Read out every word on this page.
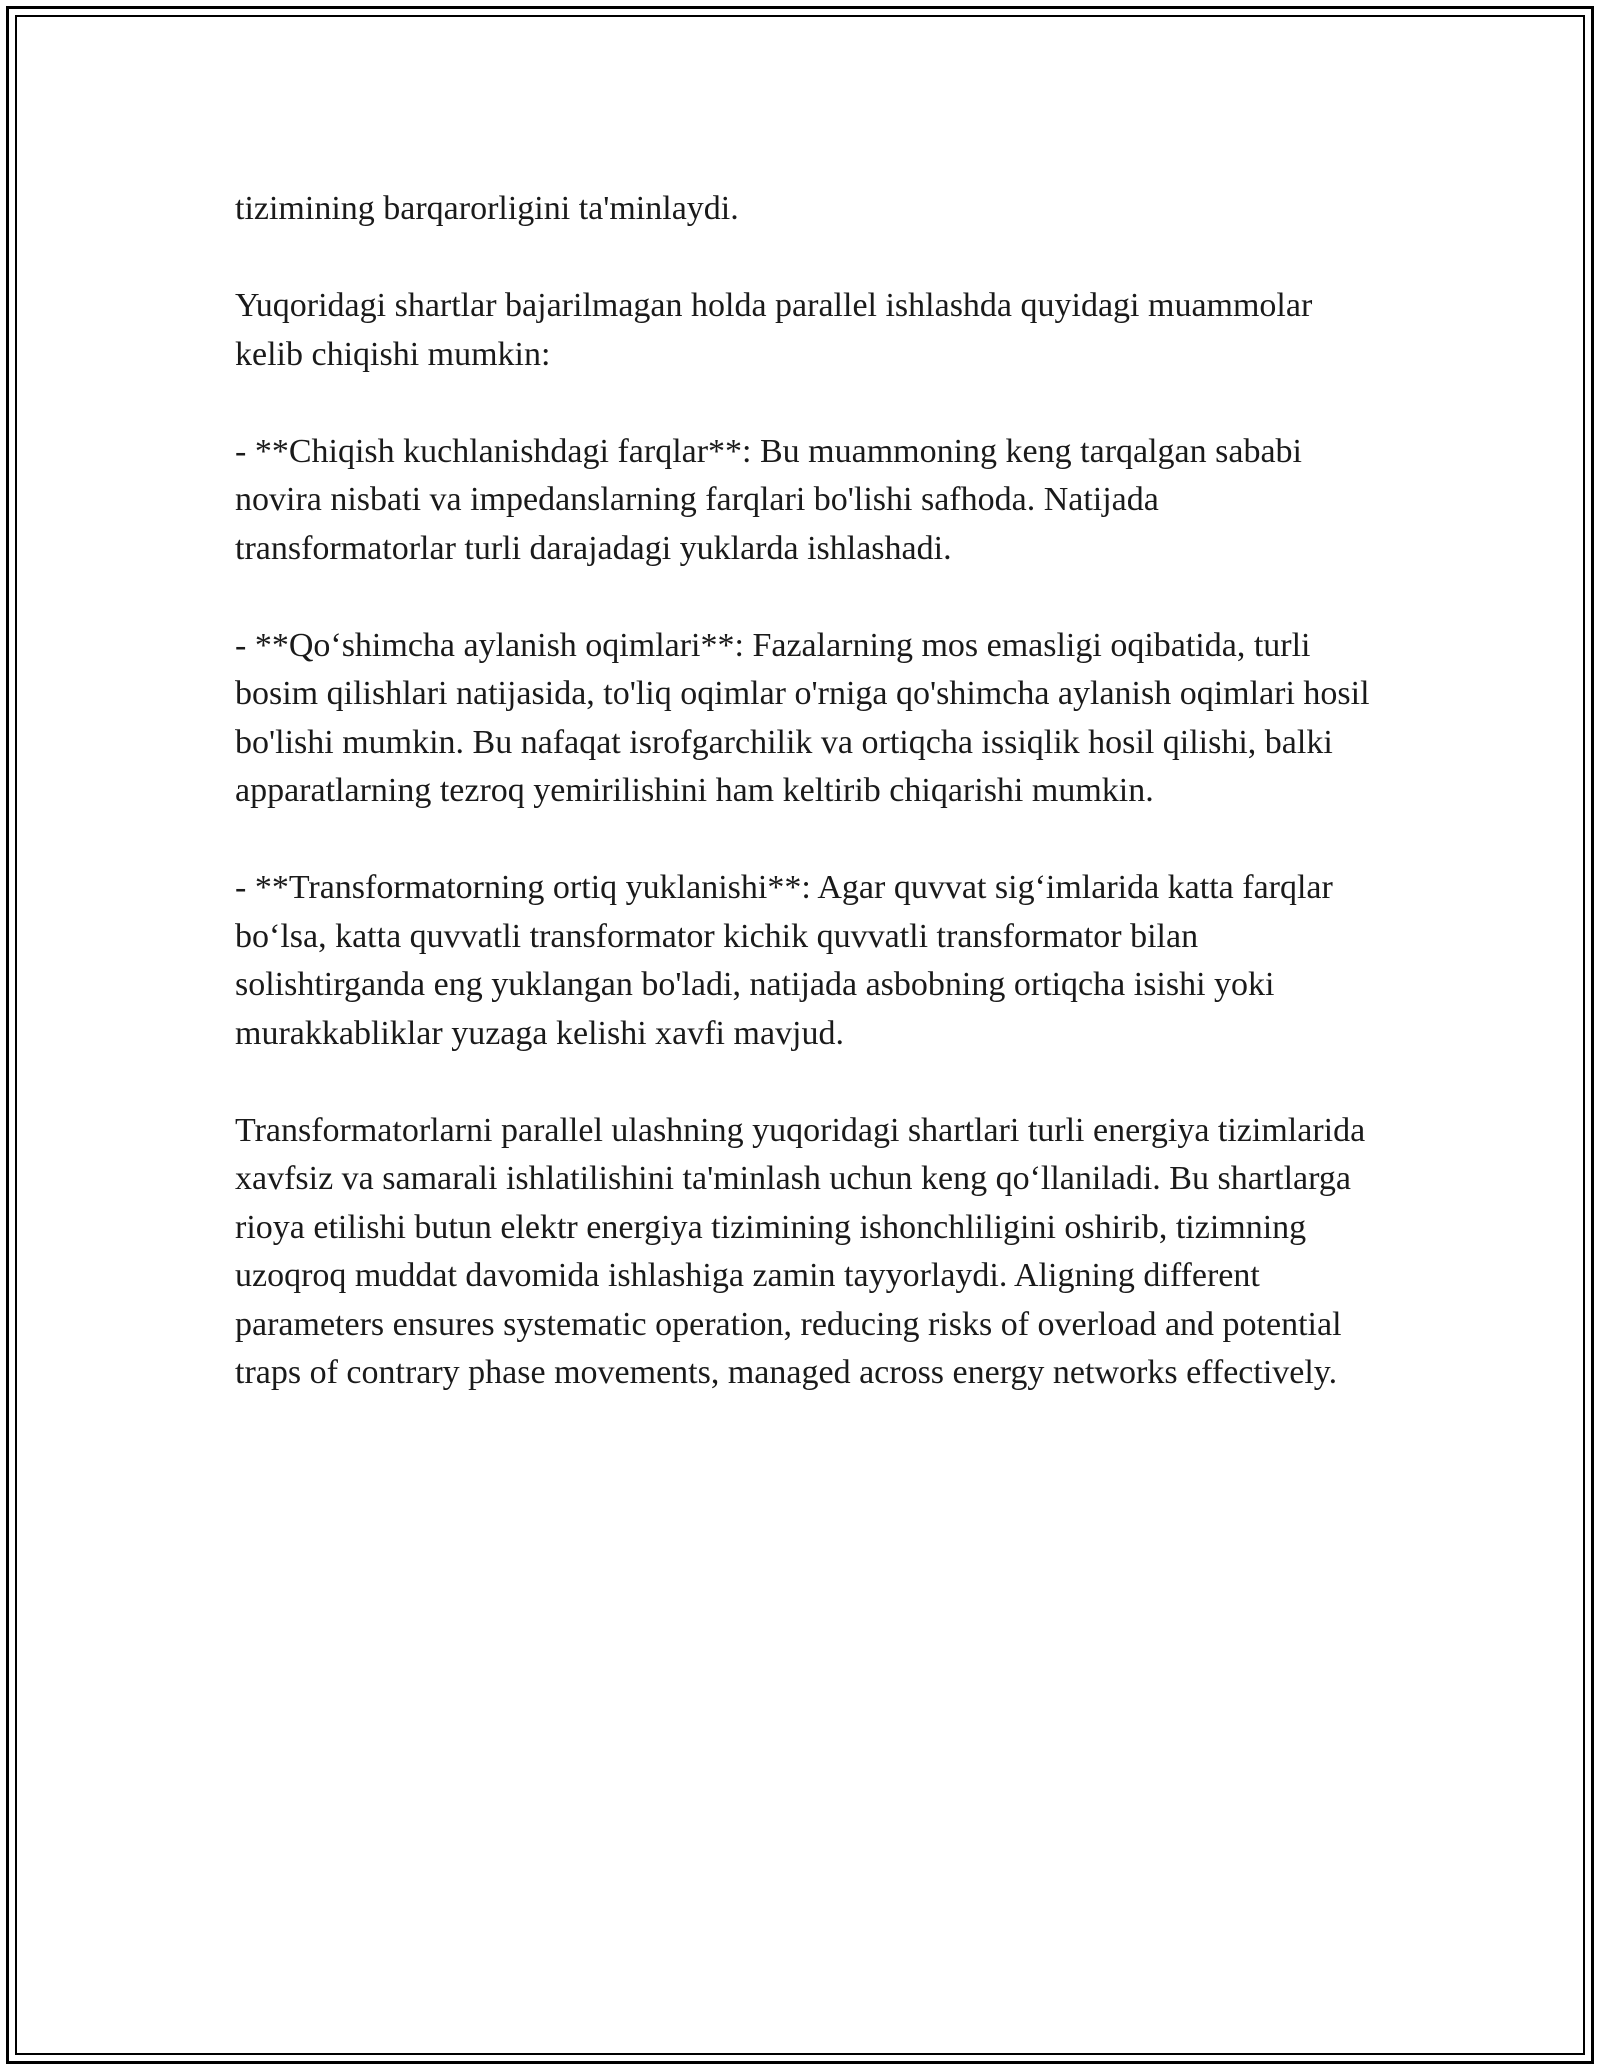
tizimining barqarorligini ta'minlaydi.

Yuqoridagi shartlar bajarilmagan holda parallel ishlashda quyidagi muammolar kelib chiqishi mumkin:

- **Chiqish kuchlanishdagi farqlar**: Bu muammoning keng tarqalgan sababi novira nisbati va impedanslarning farqlari bo'lishi safhoda. Natijada transformatorlar turli darajadagi yuklarda ishlashadi.

- **Qo‘shimcha aylanish oqimlari**: Fazalarning mos emasligi oqibatida, turli bosim qilishlari natijasida, to'liq oqimlar o'rniga qo'shimcha aylanish oqimlari hosil bo'lishi mumkin. Bu nafaqat isrofgarchilik va ortiqcha issiqlik hosil qilishi, balki apparatlarning tezroq yemirilishini ham keltirib chiqarishi mumkin.

- **Transformatorning ortiq yuklanishi**: Agar quvvat sig‘imlarida katta farqlar bo‘lsa, katta quvvatli transformator kichik quvvatli transformator bilan solishtirganda eng yuklangan bo'ladi, natijada asbobning ortiqcha isishi yoki murakkabliklar yuzaga kelishi xavfi mavjud.

Transformatorlarni parallel ulashning yuqoridagi shartlari turli energiya tizimlarida xavfsiz va samarali ishlatilishini ta'minlash uchun keng qo‘llaniladi. Bu shartlarga rioya etilishi butun elektr energiya tizimining ishonchliligini oshirib, tizimning uzoqroq muddat davomida ishlashiga zamin tayyorlaydi. Aligning different parameters ensures systematic operation, reducing risks of overload and potential traps of contrary phase movements, managed across energy networks effectively.
